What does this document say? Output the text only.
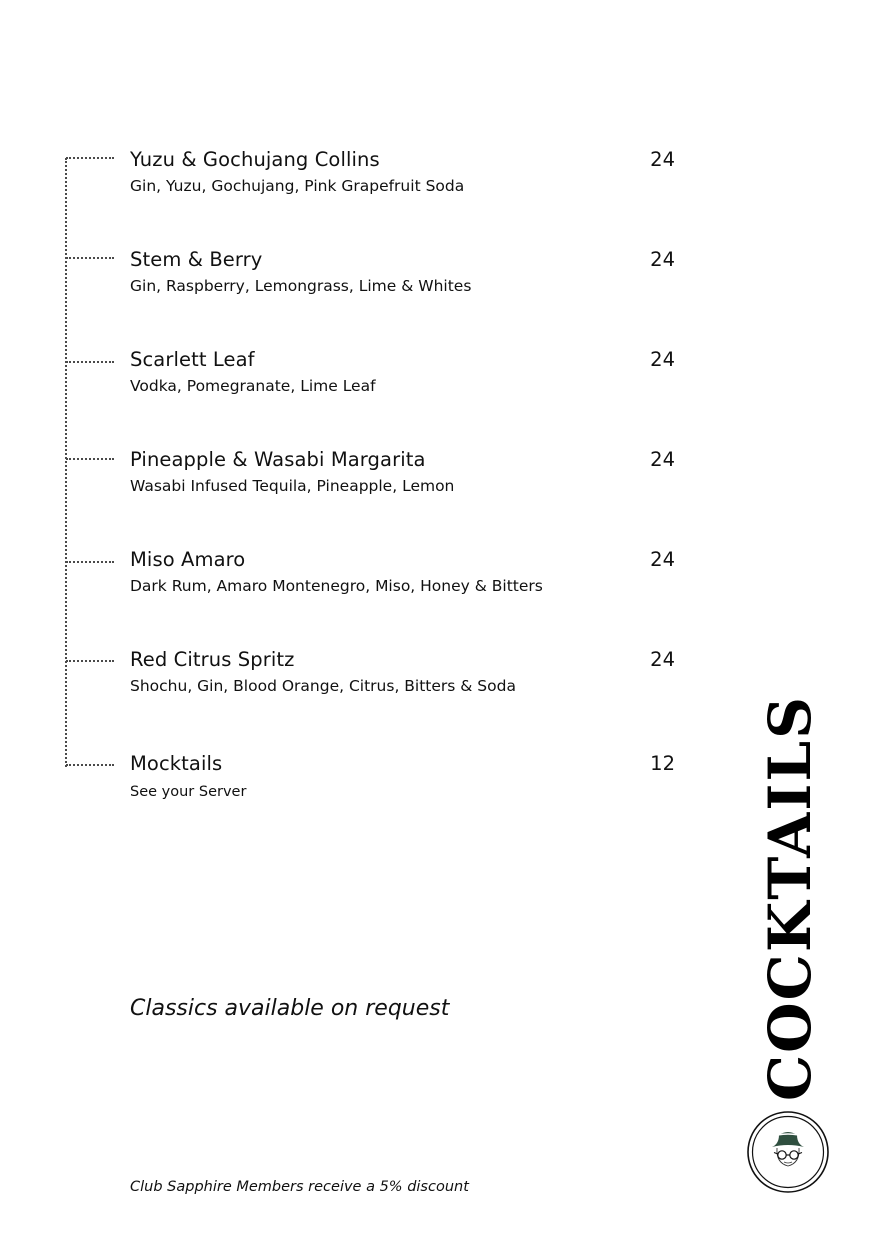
Yuzu & Gochujang Collins	24
Gin, Yuzu, Gochujang, Pink Grapefruit Soda
Stem & Berry	24
Gin, Raspberry, Lemongrass, Lime & Whites
Scarlett Leaf	24
Vodka, Pomegranate, Lime Leaf
Pineapple & Wasabi Margarita	24
Wasabi Infused Tequila, Pineapple, Lemon
Miso Amaro	24
Dark Rum, Amaro Montenegro, Miso, Honey & Bitters
Red Citrus Spritz	24
Shochu, Gin, Blood Orange, Citrus, Bitters & Soda
Mocktails	12
See your Server
Classics available on request
Club Sapphire Members receive a 5% discount
COCKTAILS
